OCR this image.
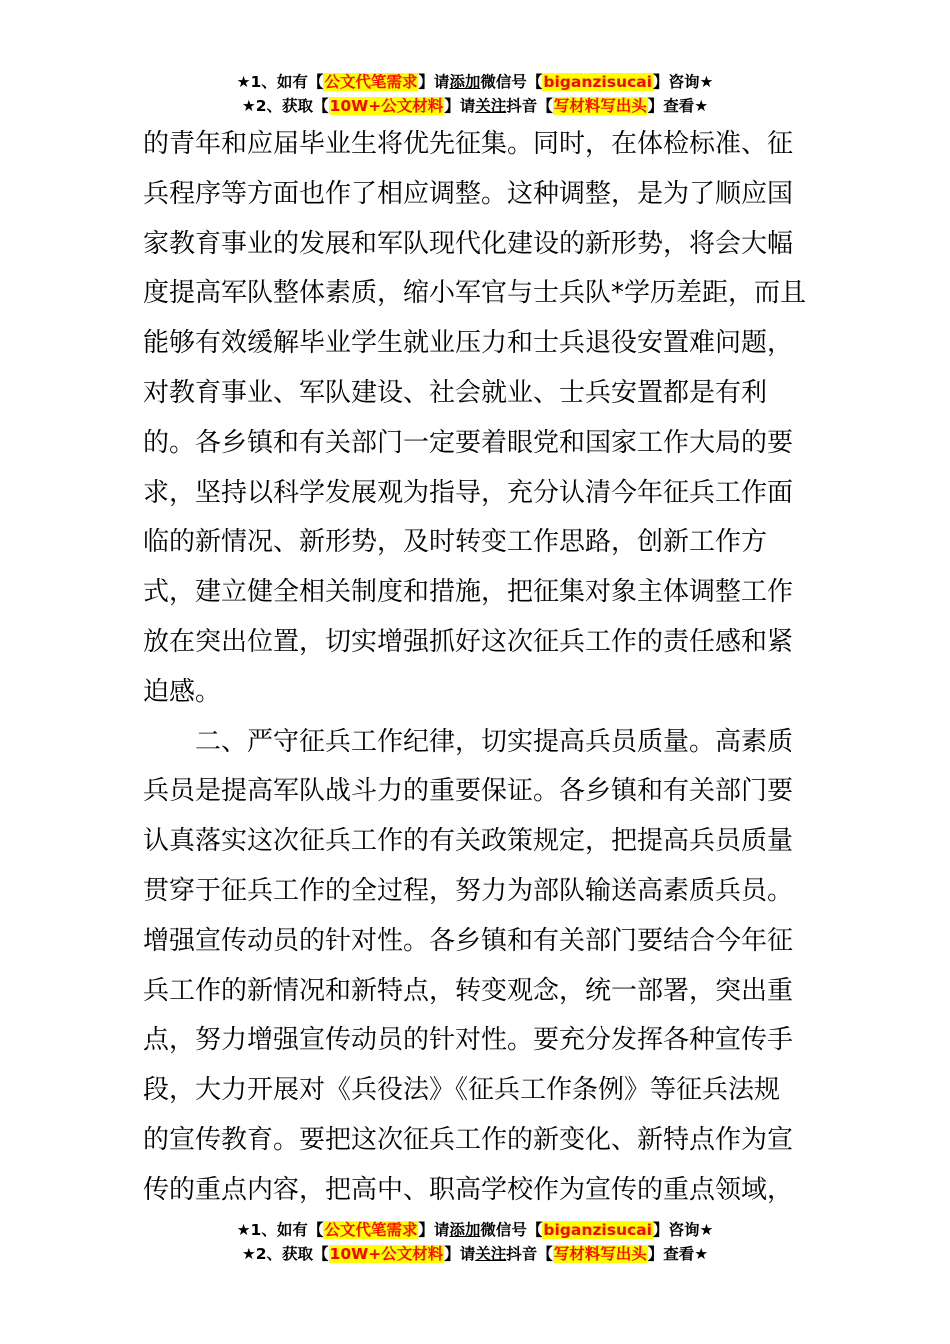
★1、如有【公文代笔需求】请添加微信号【biganzisucai】咨询★
★2、获取【10W+公文材料】请关注抖音【写材料写出头】查看★
的青年和应届毕业生将优先征集。同时，在体检标准、征
兵程序等方面也作了相应调整。这种调整，是为了顺应国
家教育事业的发展和军队现代化建设的新形势，将会大幅
度提高军队整体素质，缩小军官与士兵队*学历差距，而且
能够有效缓解毕业学生就业压力和士兵退役安置难问题，
对教育事业、军队建设、社会就业、士兵安置都是有利
的。各乡镇和有关部门一定要着眼党和国家工作大局的要
求，坚持以科学发展观为指导，充分认清今年征兵工作面
临的新情况、新形势，及时转变工作思路，创新工作方
式，建立健全相关制度和措施，把征集对象主体调整工作
放在突出位置，切实增强抓好这次征兵工作的责任感和紧
迫感。
二、严守征兵工作纪律，切实提高兵员质量。高素质
兵员是提高军队战斗力的重要保证。各乡镇和有关部门要
认真落实这次征兵工作的有关政策规定，把提高兵员质量
贯穿于征兵工作的全过程，努力为部队输送高素质兵员。
增强宣传动员的针对性。各乡镇和有关部门要结合今年征
兵工作的新情况和新特点，转变观念，统一部署，突出重
点，努力增强宣传动员的针对性。要充分发挥各种宣传手
段，大力开展对《兵役法》《征兵工作条例》等征兵法规
的宣传教育。要把这次征兵工作的新变化、新特点作为宣
传的重点内容，把高中、职高学校作为宣传的重点领域，
★1、如有【公文代笔需求】请添加微信号【biganzisucai】咨询★
★2、获取【10W+公文材料】请关注抖音【写材料写出头】查看★
